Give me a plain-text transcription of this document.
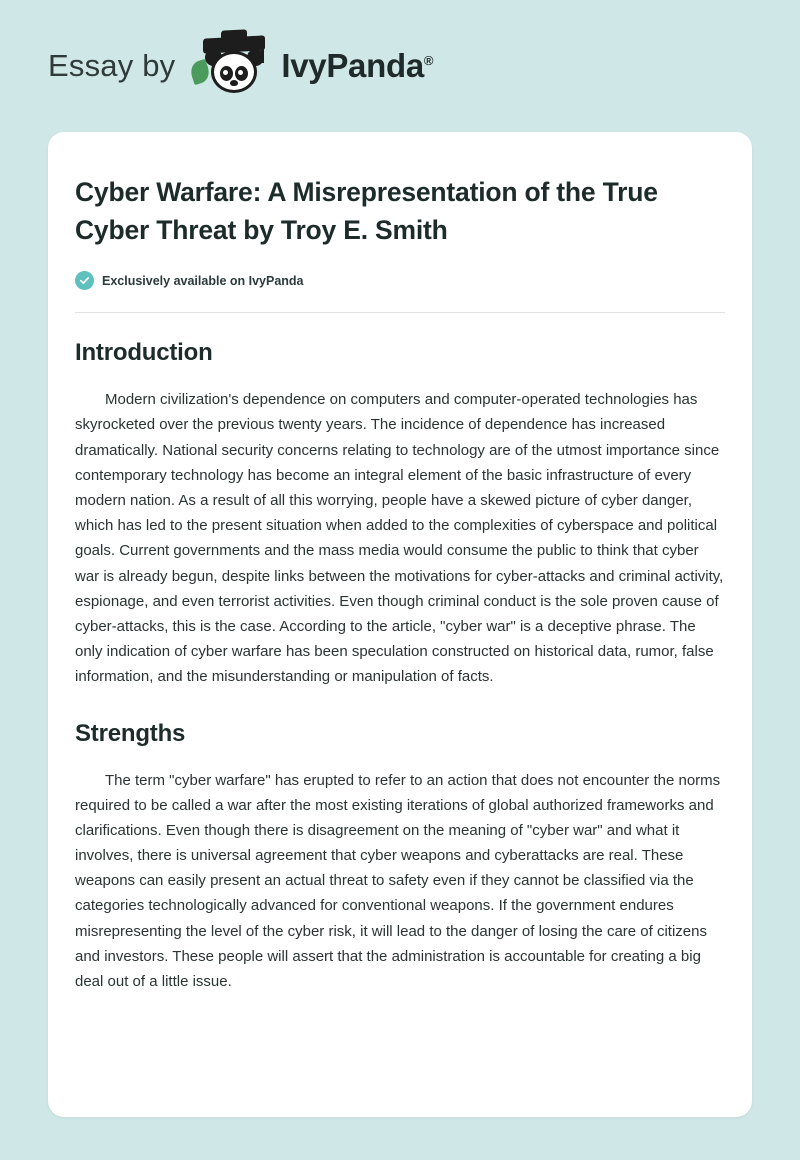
Essay by	IvyPanda®
Cyber Warfare: A Misrepresentation of the True Cyber Threat by Troy E. Smith
Exclusively available on IvyPanda
Introduction

Modern civilization's dependence on computers and computer-operated technologies has skyrocketed over the previous twenty years. The incidence of dependence has increased dramatically. National security concerns relating to technology are of the utmost importance since contemporary technology has become an integral element of the basic infrastructure of every modern nation. As a result of all this worrying, people have a skewed picture of cyber danger, which has led to the present situation when added to the complexities of cyberspace and political goals. Current governments and the mass media would consume the public to think that cyber war is already begun, despite links between the motivations for cyber-attacks and criminal activity, espionage, and even terrorist activities. Even though criminal conduct is the sole proven cause of cyber-attacks, this is the case. According to the article, "cyber war" is a deceptive phrase. The only indication of cyber warfare has been speculation constructed on historical data, rumor, false information, and the misunderstanding or manipulation of facts.

Strengths

The term "cyber warfare" has erupted to refer to an action that does not encounter the norms required to be called a war after the most existing iterations of global authorized frameworks and clarifications. Even though there is disagreement on the meaning of "cyber war" and what it involves, there is universal agreement that cyber weapons and cyberattacks are real. These weapons can easily present an actual threat to safety even if they cannot be classified via the categories technologically advanced for conventional weapons. If the government endures misrepresenting the level of the cyber risk, it will lead to the danger of losing the care of citizens and investors. These people will assert that the administration is accountable for creating a big deal out of a little issue.
